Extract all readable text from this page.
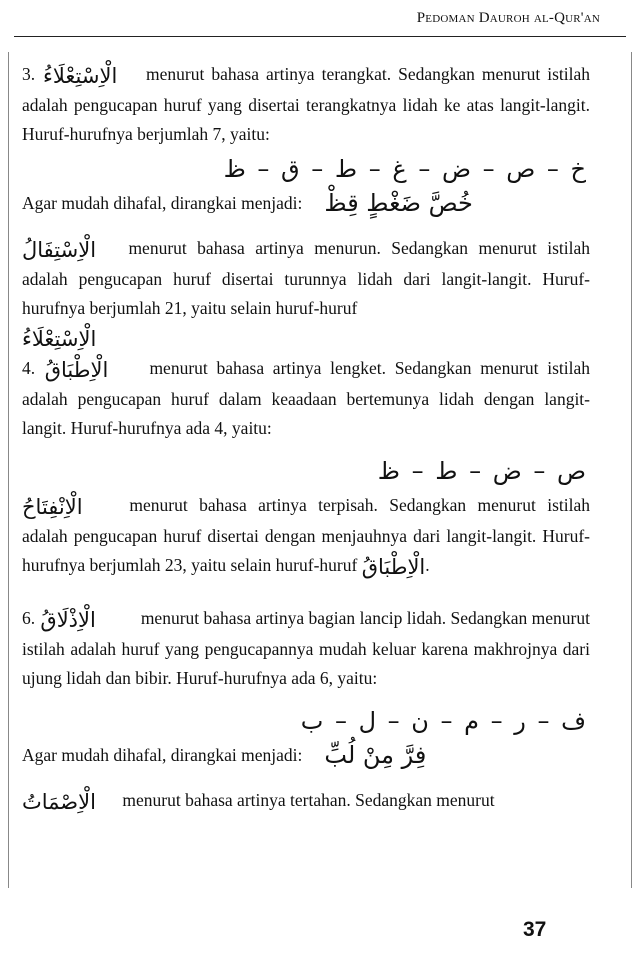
Pedoman Dauroh al-Qur'an

3. الْاِسْتِعْلَاءُ menurut bahasa artinya terangkat. Sedangkan menurut istilah adalah pengucapan huruf yang disertai terangkatnya lidah ke atas langit-langit. Huruf-hurufnya berjumlah 7, yaitu:

خ – ص – ض – غ – ط – ق – ظ
Agar mudah dihafal, dirangkai menjadi: خُصَّ ضَغْطٍ قِظْ

الْاِسْتِفَالُ menurut bahasa artinya menurun. Sedangkan menurut istilah adalah pengucapan huruf disertai turunnya lidah dari langit-langit. Huruf-hurufnya berjumlah 21, yaitu selain huruf-huruf
الْاِسْتِعْلَاءُ

4. الْاِطْبَاقُ menurut bahasa artinya lengket. Sedangkan menurut istilah adalah pengucapan huruf dalam keaadaan bertemunya lidah dengan langit-langit. Huruf-hurufnya ada 4, yaitu:

ص – ض – ط – ظ

الْاِنْفِتَاحُ	menurut bahasa artinya terpisah. Sedangkan menurut istilah adalah pengucapan huruf disertai dengan menjauhnya dari langit-langit. Huruf-hurufnya berjumlah 23, yaitu selain huruf-huruf الْاِطْبَاقُ.

6. الْاِذْلَاقُ	menurut bahasa artinya bagian lancip lidah. Sedangkan menurut istilah adalah huruf yang pengucapannya mudah keluar karena makhrojnya dari ujung lidah dan bibir. Huruf-hurufnya ada 6, yaitu:

ف – ر – م – ن – ل – ب
Agar mudah dihafal, dirangkai menjadi: فِرَّ مِنْ لُبِّ

الْاِصْمَاتُ menurut bahasa artinya tertahan. Sedangkan menurut

37
